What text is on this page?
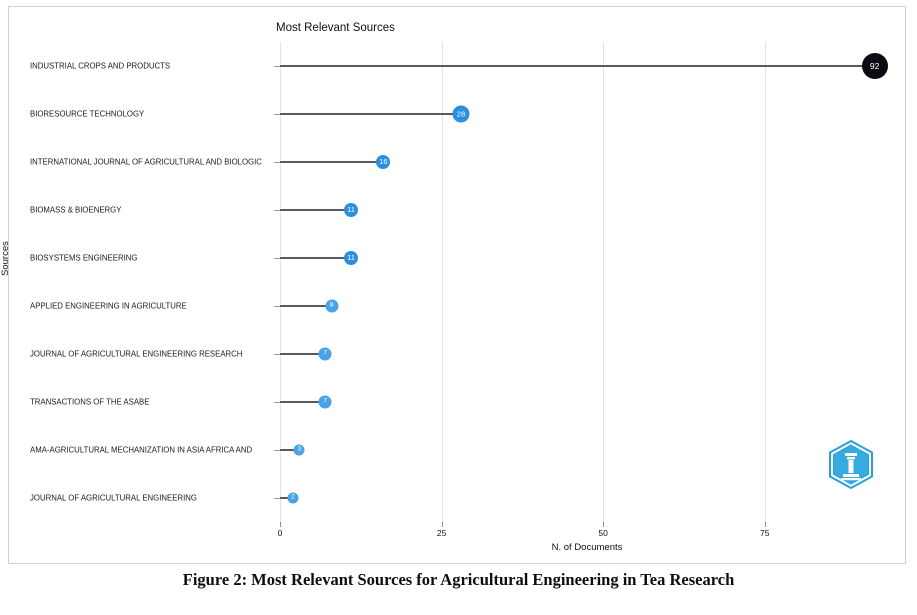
Most Relevant Sources
Sources
INDUSTRIAL CROPS AND PRODUCTS
BIORESOURCE TECHNOLOGY
INTERNATIONAL JOURNAL OF AGRICULTURAL AND BIOLOGIC
BIOMASS & BIOENERGY
BIOSYSTEMS ENGINEERING
APPLIED ENGINEERING IN AGRICULTURE
JOURNAL OF AGRICULTURAL ENGINEERING RESEARCH
TRANSACTIONS OF THE ASABE
AMA-AGRICULTURAL MECHANIZATION IN ASIA AFRICA AND
JOURNAL OF AGRICULTURAL ENGINEERING
92
28
16
11
11
8
7
7
3
2
0	25	50	75
N. of Documents
Figure 2: Most Relevant Sources for Agricultural Engineering in Tea Research
